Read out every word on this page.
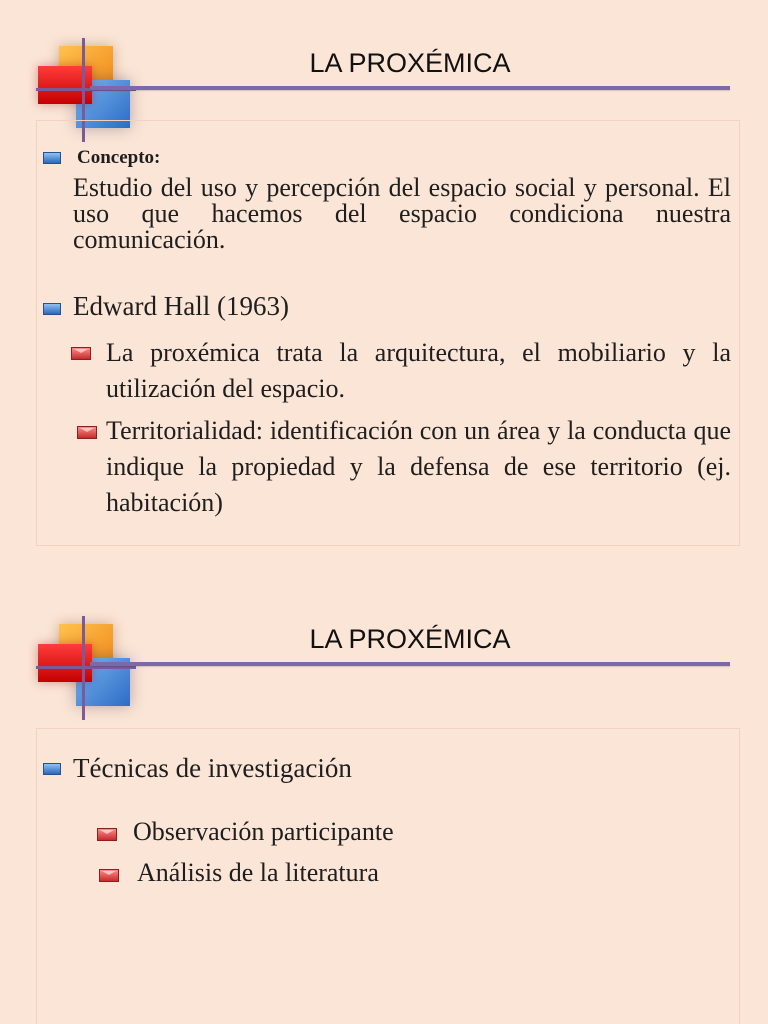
LA PROXÉMICA

Concepto:

Estudio del uso y percepción del espacio social y personal. El uso que hacemos del espacio condiciona nuestra comunicación.

Edward Hall (1963)

La proxémica trata la arquitectura, el mobiliario y la utilización del espacio.

Territorialidad: identificación con un área y la conducta que indique la propiedad y la defensa de ese territorio (ej. habitación)

LA PROXÉMICA

Técnicas de investigación

Observación participante

Análisis de la literatura
